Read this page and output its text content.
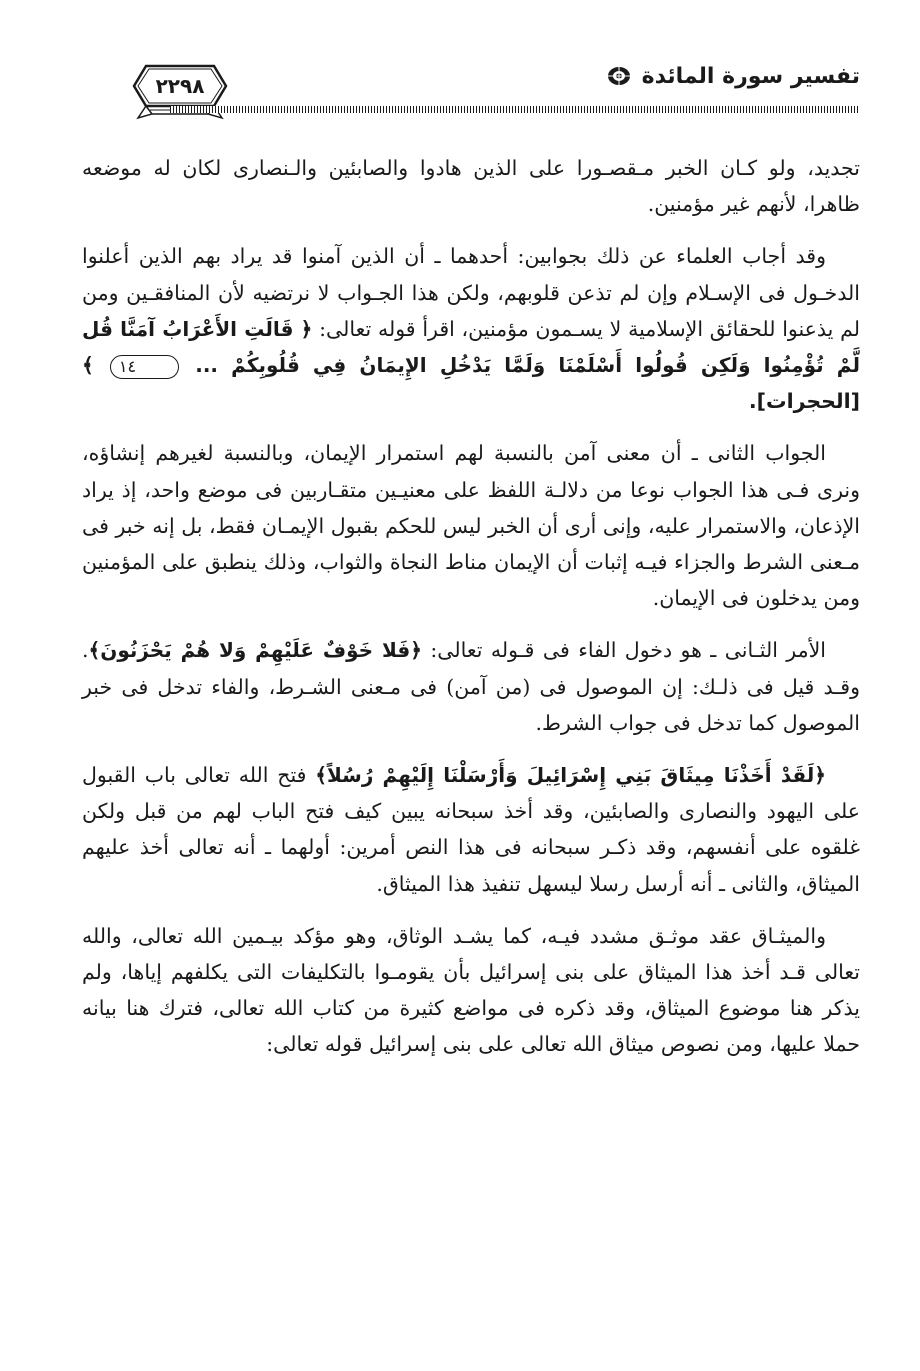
٢٢٩٨	تفسير سورة المائدة

تجديد، ولو كـان الخبر مـقصـورا على الذين هادوا والصابئين والـنصارى لكان له موضعه ظاهرا، لأنهم غير مؤمنين.

وقد أجاب العلماء عن ذلك بجوابين: أحدهما ـ أن الذين آمنوا قد يراد بهم الذين أعلنوا الدخـول فى الإسـلام وإن لم تذعن قلوبهم، ولكن هذا الجـواب لا نرتضيه لأن المنافقـين ومن لم يذعنوا للحقائق الإسلامية لا يسـمون مؤمنين، اقرأ قوله تعالى: ﴿ قَالَتِ الأَعْرَابُ آمَنَّا قُل لَّمْ تُؤْمِنُوا وَلَكِن قُولُوا أَسْلَمْنَا وَلَمَّا يَدْخُلِ الإِيمَانُ فِي قُلُوبِكُمْ ... ١٤ ﴾ [الحجرات].

الجواب الثانى ـ أن معنى آمن بالنسبة لهم استمرار الإيمان، وبالنسبة لغيرهم إنشاؤه، ونرى فـى هذا الجواب نوعا من دلالـة اللفظ على معنيـين متقـاربين فى موضع واحد، إذ يراد الإذعان، والاستمرار عليه، وإنى أرى أن الخبر ليس للحكم بقبول الإيمـان فقط، بل إنه خبر فى مـعنى الشرط والجزاء فيـه إثبات أن الإيمان مناط النجاة والثواب، وذلك ينطبق على المؤمنين ومن يدخلون فى الإيمان.

الأمر الثـانى ـ هو دخول الفاء فى قـوله تعالى: ﴿فَلا خَوْفٌ عَلَيْهِمْ وَلا هُمْ يَحْزَنُونَ﴾. وقـد قيل فى ذلـك: إن الموصول فى (من آمن) فى مـعنى الشـرط، والفاء تدخل فى خبر الموصول كما تدخل فى جواب الشرط.

﴿لَقَدْ أَخَذْنَا مِيثَاقَ بَنِي إِسْرَائِيلَ وَأَرْسَلْنَا إِلَيْهِمْ رُسُلاً﴾ فتح الله تعالى باب القبول على اليهود والنصارى والصابئين، وقد أخذ سبحانه يبين كيف فتح الباب لهم من قبل ولكن غلقوه على أنفسهم، وقد ذكـر سبحانه فى هذا النص أمرين: أولهما ـ أنه تعالى أخذ عليهم الميثاق، والثانى ـ أنه أرسل رسلا ليسهل تنفيذ هذا الميثاق.

والميثـاق عقد موثـق مشدد فيـه، كما يشـد الوثاق، وهو مؤكد بيـمين الله تعالى، والله تعالى قـد أخذ هذا الميثاق على بنى إسرائيل بأن يقومـوا بالتكليفات التى يكلفهم إياها، ولم يذكر هنا موضوع الميثاق، وقد ذكره فى مواضع كثيرة من كتاب الله تعالى، فترك هنا بيانه حملا عليها، ومن نصوص ميثاق الله تعالى على بنى إسرائيل قوله تعالى:
